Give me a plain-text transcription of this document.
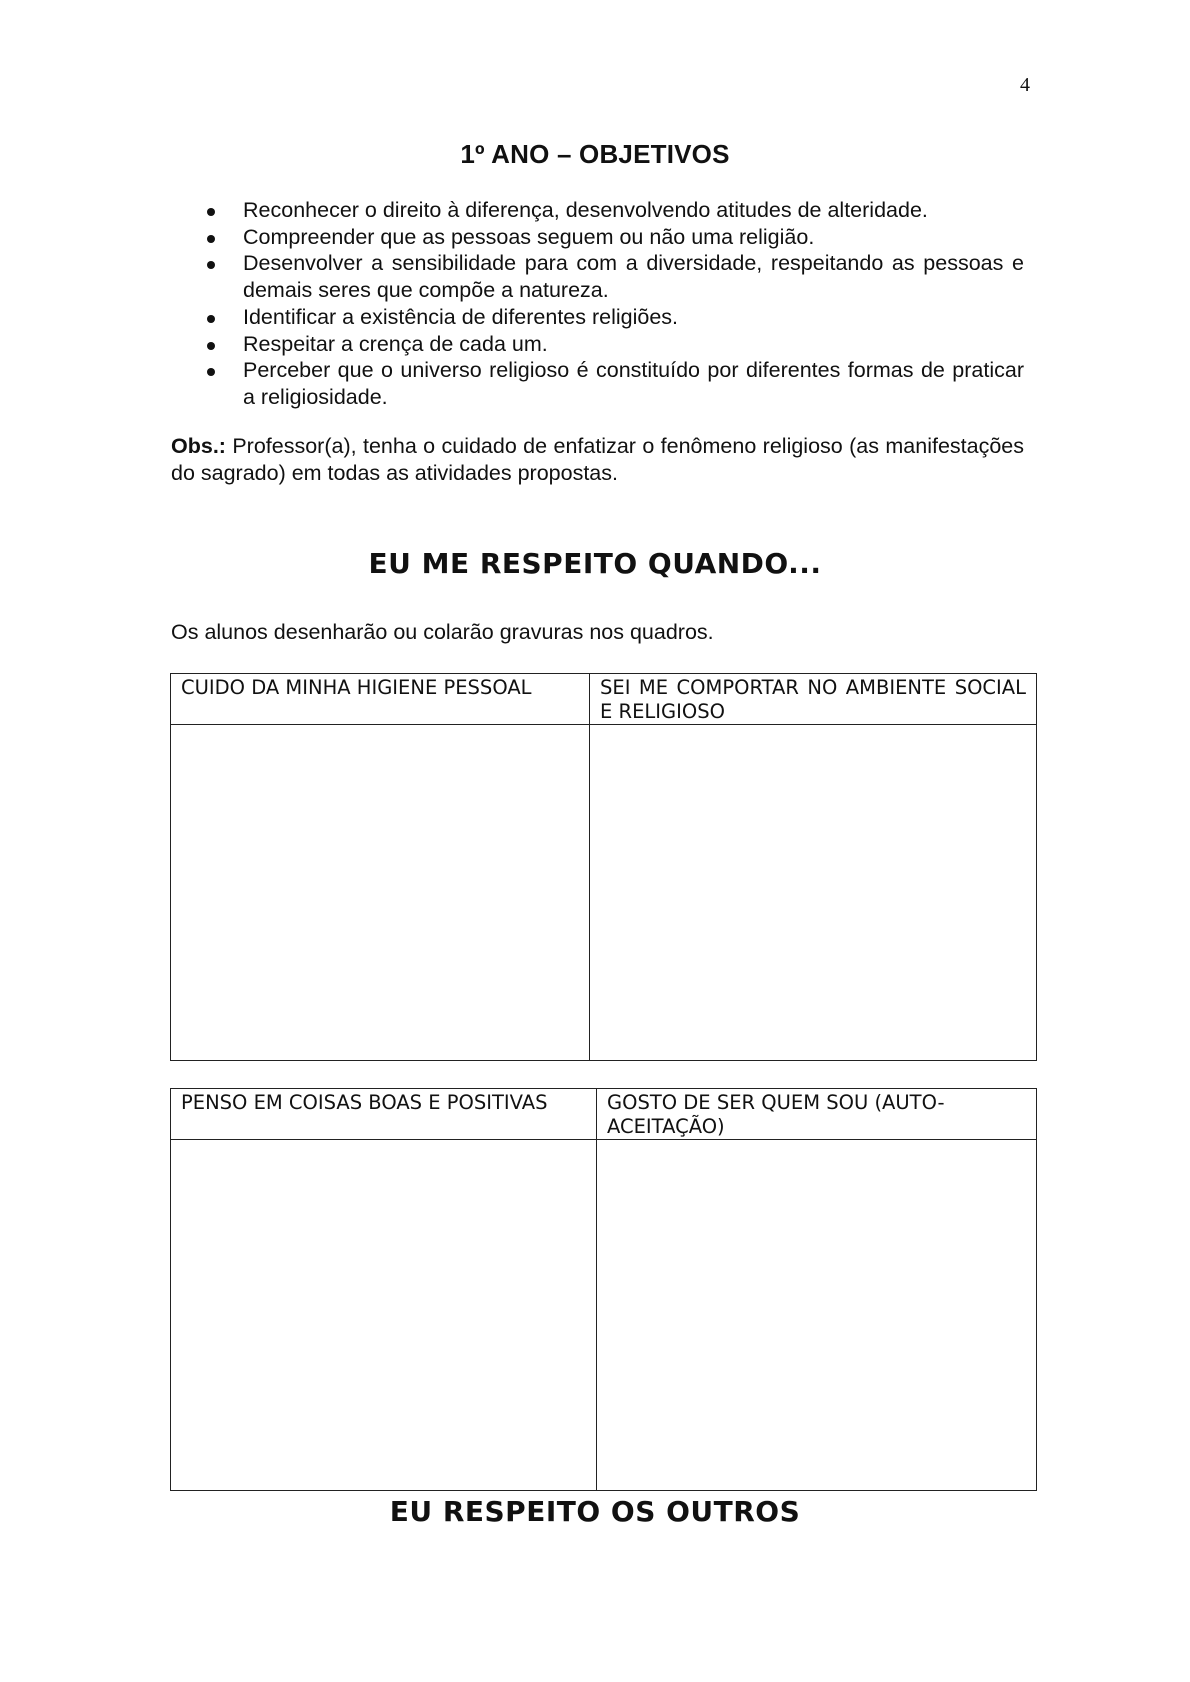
4
1º ANO – OBJETIVOS
Reconhecer o direito à diferença, desenvolvendo atitudes de alteridade.
Compreender que as pessoas seguem ou não uma religião.
Desenvolver a sensibilidade para com a diversidade, respeitando as pessoas e demais seres que compõe a natureza.
Identificar a existência de diferentes religiões.
Respeitar a crença de cada um.
Perceber que o universo religioso é constituído por diferentes formas de praticar a religiosidade.

Obs.: Professor(a), tenha o cuidado de enfatizar o fenômeno religioso (as manifestações do sagrado) em todas as atividades propostas.

EU ME RESPEITO QUANDO...

Os alunos desenharão ou colarão gravuras nos quadros.

CUIDO DA MINHA HIGIENE PESSOAL	SEI ME COMPORTAR NO AMBIENTE SOCIAL E RELIGIOSO

PENSO EM COISAS BOAS E POSITIVAS	GOSTO DE SER QUEM SOU (AUTO-ACEITAÇÃO)

EU RESPEITO OS OUTROS
